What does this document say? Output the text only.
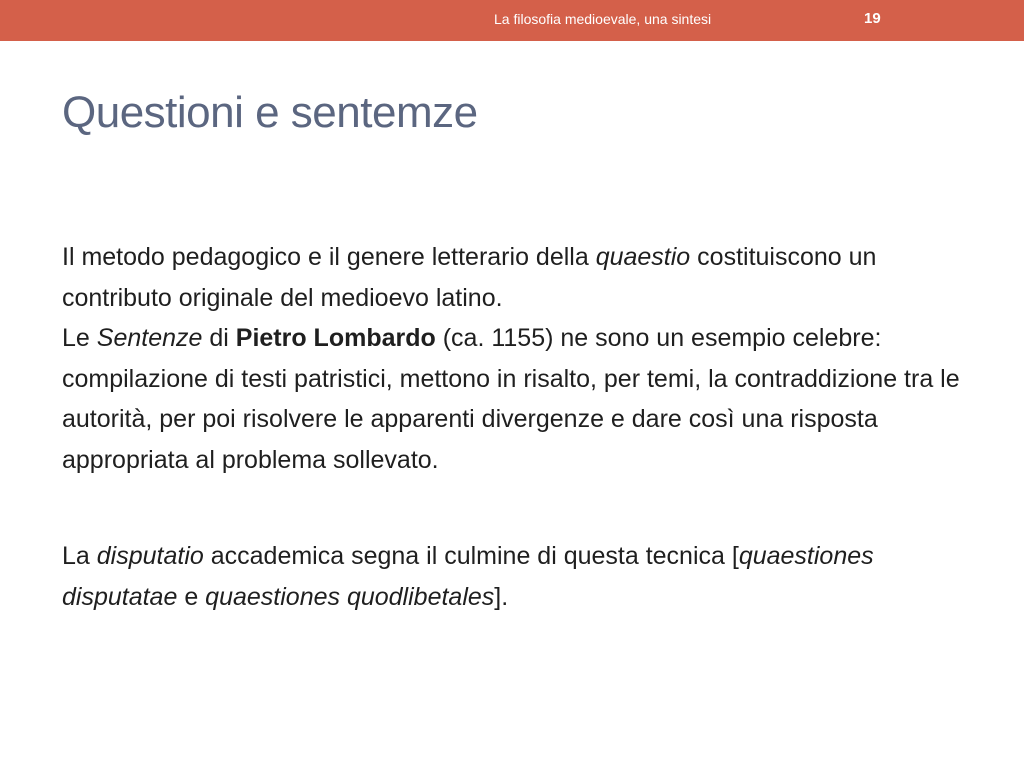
La filosofia medioevale, una sintesi	19
Questioni e sentemze

Il metodo pedagogico e il genere letterario della quaestio costituiscono un contributo originale del medioevo latino.

Le Sentenze di Pietro Lombardo (ca. 1155) ne sono un esempio celebre: compilazione di testi patristici, mettono in risalto, per temi, la contraddizione tra le autorità, per poi risolvere le apparenti divergenze e dare così una risposta appropriata al problema sollevato.

La disputatio accademica segna il culmine di questa tecnica [quaestiones disputatae e quaestiones quodlibetales].
